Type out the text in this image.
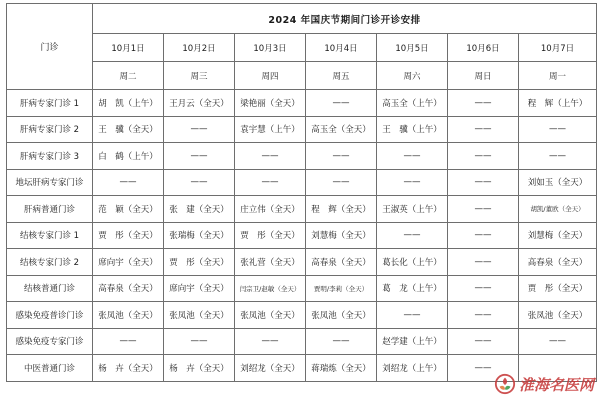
门诊	2024 年国庆节期间门诊开诊安排						
	10月1日	10月2日	10月3日	10月4日	10月5日	10月6日	10月7日
	周二	周三	周四	周五	周六	周日	周一
肝病专家门诊 1	胡　凯（上午）	王月云（全天）	梁艳丽（全天）	——	高玉全（上午）	——	程　辉（上午）
肝病专家门诊 2	王　骥（全天）	——	袁宇慧（上午）	高玉全（全天）	王　骥（上午）	——	——
肝病专家门诊 3	白　鹤（上午）	——	——	——	——	——	——
地坛肝病专家门诊	——	——	——	——	——	——	刘如玉（全天）
肝病普通门诊	范　颖（全天）	张　建（全天）	庄立伟（全天）	程　辉（全天）	王淑英（上午）	——	胡凯/董欧（全天）
结核专家门诊 1	贾　彤（全天）	张瑞梅（全天）	贾　彤（全天）	刘慧梅（全天）	——	——	刘慧梅（全天）
结核专家门诊 2	席向宇（全天）	贾　彤（全天）	张礼营（全天）	高春泉（全天）	葛长化（上午）	——	高春泉（全天）
结核普通门诊	高春泉（全天）	席向宇（全天）	闫宗卫/赵敏（全天）	贾明/李莉（全天）	葛　龙（上午）	——	贾　彤（全天）
感染免疫普诊门诊	张凤池（全天）	张凤池（全天）	张凤池（全天）	张凤池（全天）	——	——	张凤池（全天）
感染免疫专家门诊	——	——	——	——	赵学建（上午）	——	——
中医普通门诊	杨　卉（全天）	杨　卉（全天）	刘绍龙（全天）	蒋瑞炼（全天）	刘绍龙（上午）	——	
淮海名医网
